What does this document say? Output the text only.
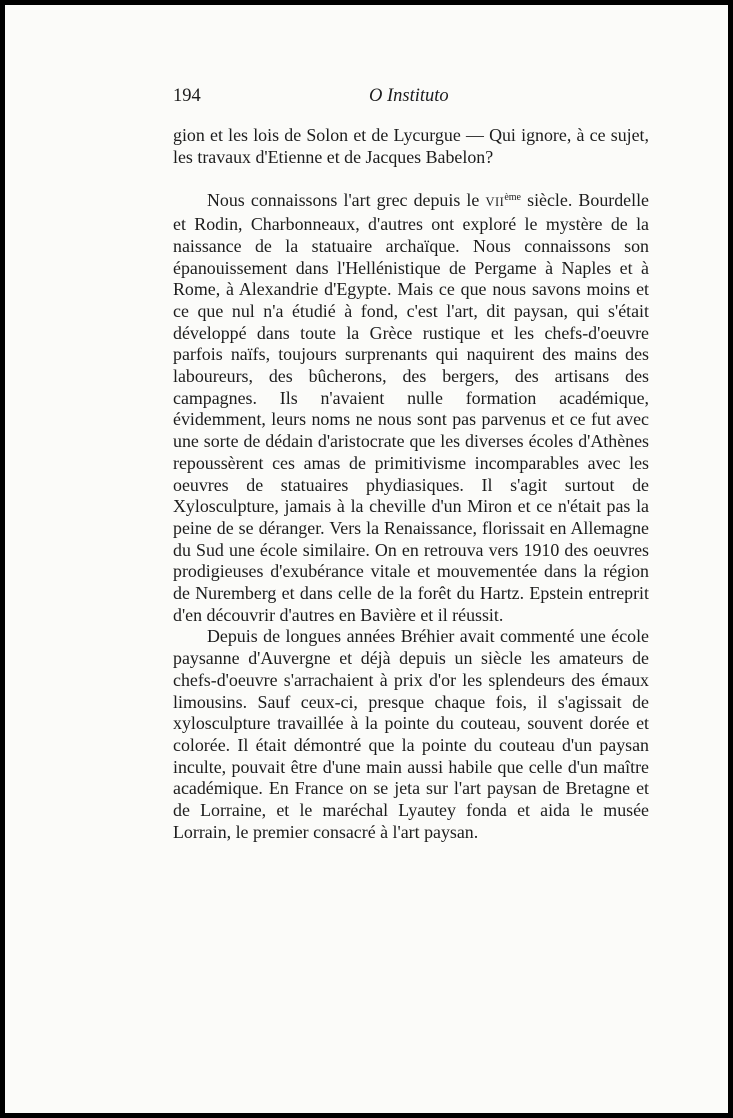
194	O Instituto

gion et les lois de Solon et de Lycurgue — Qui ignore, à ce sujet, les travaux d'Etienne et de Jacques Babelon?

Nous connaissons l'art grec depuis le VIIème siècle. Bourdelle et Rodin, Charbonneaux, d'autres ont exploré le mystère de la naissance de la statuaire archaïque. Nous connaissons son épanouissement dans l'Hellénistique de Pergame à Naples et à Rome, à Alexandrie d'Egypte. Mais ce que nous savons moins et ce que nul n'a étudié à fond, c'est l'art, dit paysan, qui s'était développé dans toute la Grèce rustique et les chefs-d'oeuvre parfois naïfs, toujours surprenants qui naquirent des mains des laboureurs, des bûcherons, des bergers, des artisans des campagnes. Ils n'avaient nulle formation académique, évidemment, leurs noms ne nous sont pas parvenus et ce fut avec une sorte de dédain d'aristocrate que les diverses écoles d'Athènes repoussèrent ces amas de primitivisme incomparables avec les oeuvres de statuaires phydiasiques. Il s'agit surtout de Xylosculpture, jamais à la cheville d'un Miron et ce n'était pas la peine de se déranger. Vers la Renaissance, florissait en Allemagne du Sud une école similaire. On en retrouva vers 1910 des oeuvres prodigieuses d'exubérance vitale et mouvementée dans la région de Nuremberg et dans celle de la forêt du Hartz. Epstein entreprit d'en découvrir d'autres en Bavière et il réussit.

Depuis de longues années Bréhier avait commenté une école paysanne d'Auvergne et déjà depuis un siècle les amateurs de chefs-d'oeuvre s'arrachaient à prix d'or les splendeurs des émaux limousins. Sauf ceux-ci, presque chaque fois, il s'agissait de xylosculpture travaillée à la pointe du couteau, souvent dorée et colorée. Il était démontré que la pointe du couteau d'un paysan inculte, pouvait être d'une main aussi habile que celle d'un maître académique. En France on se jeta sur l'art paysan de Bretagne et de Lorraine, et le maréchal Lyautey fonda et aida le musée Lorrain, le premier consacré à l'art paysan.
